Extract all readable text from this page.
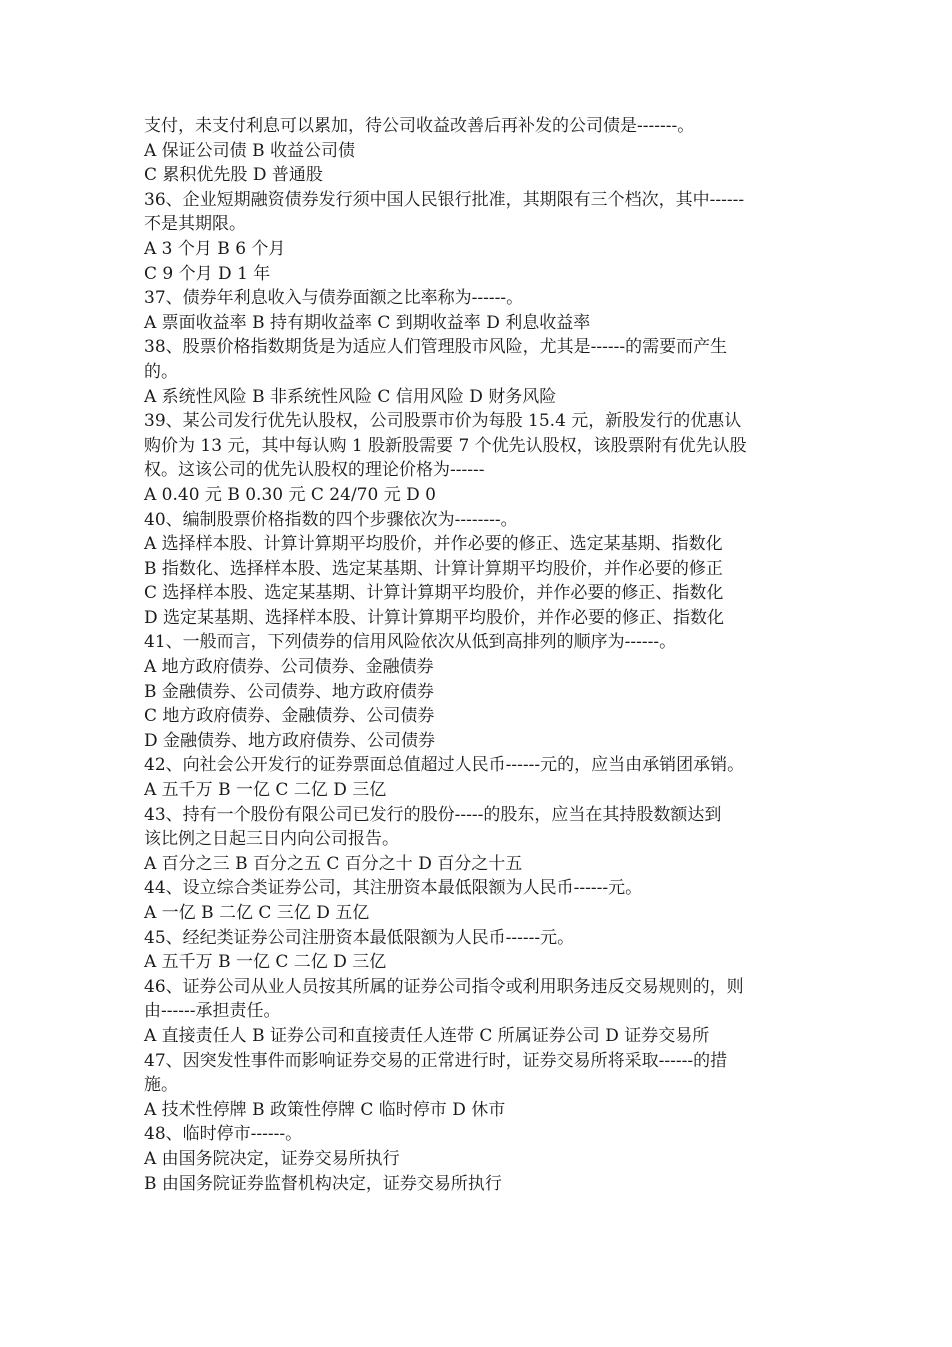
支付，未支付利息可以累加，待公司收益改善后再补发的公司债是-------。
A 保证公司债 B 收益公司债
C 累积优先股 D 普通股
36、企业短期融资债券发行须中国人民银行批准，其期限有三个档次，其中------
不是其期限。
A 3 个月 B 6 个月
C 9 个月 D 1 年
37、债券年利息收入与债券面额之比率称为------。
A 票面收益率 B 持有期收益率 C 到期收益率 D 利息收益率
38、股票价格指数期货是为适应人们管理股市风险，尤其是------的需要而产生
的。
A 系统性风险 B 非系统性风险 C 信用风险 D 财务风险
39、某公司发行优先认股权，公司股票市价为每股 15.4 元，新股发行的优惠认
购价为 13 元，其中每认购 1 股新股需要 7 个优先认股权，该股票附有优先认股
权。这该公司的优先认股权的理论价格为------
A 0.40 元 B 0.30 元 C 24/70 元 D 0
40、编制股票价格指数的四个步骤依次为--------。
A 选择样本股、计算计算期平均股价，并作必要的修正、选定某基期、指数化
B 指数化、选择样本股、选定某基期、计算计算期平均股价，并作必要的修正
C 选择样本股、选定某基期、计算计算期平均股价，并作必要的修正、指数化
D 选定某基期、选择样本股、计算计算期平均股价，并作必要的修正、指数化
41、一般而言，下列债券的信用风险依次从低到高排列的顺序为------。
A 地方政府债券、公司债券、金融债券
B 金融债券、公司债券、地方政府债券
C 地方政府债券、金融债券、公司债券
D 金融债券、地方政府债券、公司债券
42、向社会公开发行的证券票面总值超过人民币------元的，应当由承销团承销。
A 五千万 B 一亿 C 二亿 D 三亿
43、持有一个股份有限公司已发行的股份-----的股东，应当在其持股数额达到
该比例之日起三日内向公司报告。
A 百分之三 B 百分之五 C 百分之十 D 百分之十五
44、设立综合类证券公司，其注册资本最低限额为人民币------元。
A 一亿 B 二亿 C 三亿 D 五亿
45、经纪类证券公司注册资本最低限额为人民币------元。
A 五千万 B 一亿 C 二亿 D 三亿
46、证券公司从业人员按其所属的证券公司指令或利用职务违反交易规则的，则
由------承担责任。
A 直接责任人 B 证券公司和直接责任人连带 C 所属证券公司 D 证券交易所
47、因突发性事件而影响证券交易的正常进行时，证券交易所将采取------的措
施。
A 技术性停牌 B 政策性停牌 C 临时停市 D 休市
48、临时停市------。
A 由国务院决定，证券交易所执行
B 由国务院证券监督机构决定，证券交易所执行
